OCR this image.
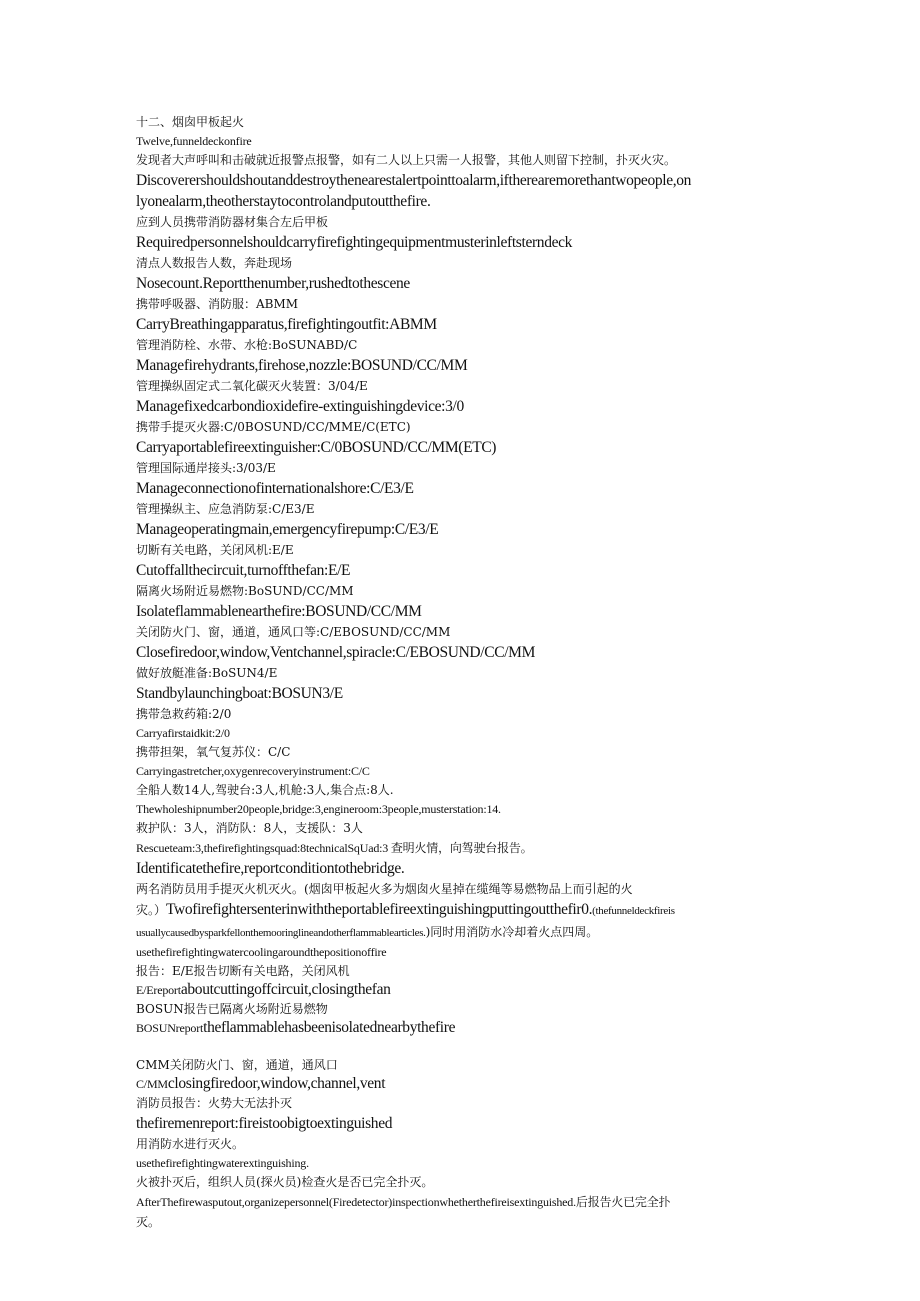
十二、烟囱甲板起火
Twelve,funneldeckonfire
发现者大声呼叫和击破就近报警点报警，如有二人以上只需一人报警，其他人则留下控制，扑灭火灾。
Discoverershouldshoutanddestroythenearestalertpointtoalarm,iftherearemorethantwopeople,on
lyonealarm,theotherstaytocontrolandputoutthefire.
应到人员携带消防器材集合左后甲板
Requiredpersonnelshouldcarryfirefightingequipmentmusterinleftsterndeck
清点人数报告人数，奔赴现场
Nosecount.Reportthenumber,rushedtothescene
携带呼吸器、消防服：ABMM
CarryBreathingapparatus,firefightingoutfit:ABMM
管理消防栓、水带、水枪:BoSUNABD/C
Managefirehydrants,firehose,nozzle:BOSUND/CC/MM
管理操纵固定式二氧化碳灭火装置：3/04/E
Managefixedcarbondioxidefire-extinguishingdevice:3/0
携带手提灭火器:C/0BOSUND/CC/MME/C(ETC)
Carryaportablefireextinguisher:C/0BOSUND/CC/MM(ETC)
管理国际通岸接头:3/03/E
Manageconnectionofinternationalshore:C/E3/E
管理操纵主、应急消防泵:C/E3/E
Manageoperatingmain,emergencyfirepump:C/E3/E
切断有关电路，关闭风机:E/E
Cutoffallthecircuit,turnoffthefan:E/E
隔离火场附近易燃物:BoSUND/CC/MM
Isolateflammablenearthefire:BOSUND/CC/MM
关闭防火门、窗，通道，通风口等:C/EBOSUND/CC/MM
Closefiredoor,window,Ventchannel,spiracle:C/EBOSUND/CC/MM
做好放艇准备:BoSUN4/E
Standbylaunchingboat:BOSUN3/E
携带急救药箱:2/0
Carryafirstaidkit:2/0
携带担架，氧气复苏仪：C/C
Carryingastretcher,oxygenrecoveryinstrument:C/C
全船人数14人,驾驶台:3人,机舱:3人,集合点:8人.
Thewholeshipnumber20people,bridge:3,engineroom:3people,musterstation:14.
救护队：3人，消防队：8人，支援队：3人
Rescueteam:3,thefirefightingsquad:8technicalSqUad:3 查明火情，向驾驶台报告。
Identificatethefire,reportconditiontothebridge.
两名消防员用手提灭火机灭火。(烟囱甲板起火多为烟囱火星掉在缆绳等易燃物品上而引起的火
灾。）Twofirefightersenterinwiththeportablefireextinguishingputtingoutthefir0.(thefunneldeckfireis
usuallycausedbysparkfellonthemooringlineandotherflammablearticles.)同时用消防水冷却着火点四周。
usethefirefightingwatercoolingaroundthepositionoffire
报告：E/E报告切断有关电路，关闭风机
E/Ereportaboutcuttingoffcircuit,closingthefan
BOSUN报告已隔离火场附近易燃物
BOSUNreporttheflammablehasbeenisolatednearbythefire
CMM关闭防火门、窗，通道，通风口
C/MMclosingfiredoor,window,channel,vent
消防员报告：火势大无法扑灭
thefiremenreport:fireistoobigtoextinguished
用消防水进行灭火。
usethefirefightingwaterextinguishing.
火被扑灭后，组织人员(探火员)检查火是否已完全扑灭。
AfterThefirewasputout,organizepersonnel(Firedetector)inspectionwhetherthefireisextinguished.后报告火已完全扑
灭。
